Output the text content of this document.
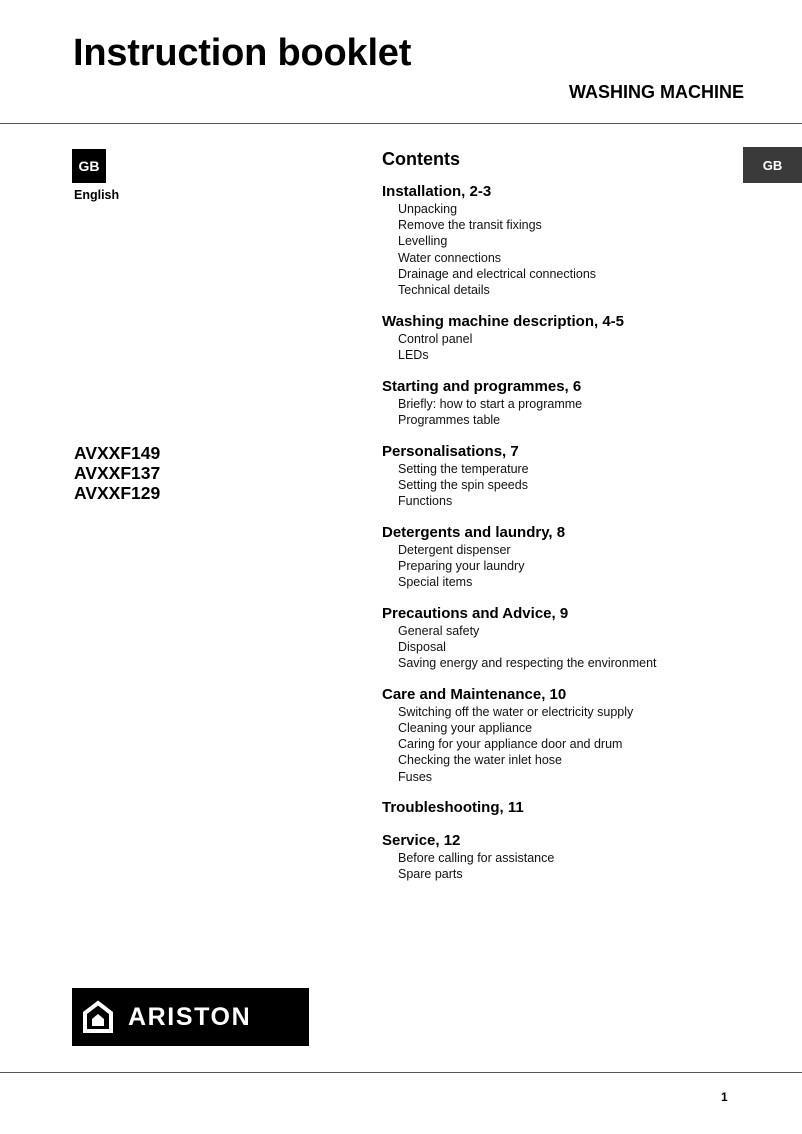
Instruction booklet
WASHING MACHINE
GB
English
GB
AVXXF149
AVXXF137
AVXXF129
Contents
Installation, 2-3
Unpacking
Remove the transit fixings
Levelling
Water connections
Drainage and electrical connections
Technical details
Washing machine description, 4-5
Control panel
LEDs
Starting and programmes, 6
Briefly: how to start a programme
Programmes table
Personalisations, 7
Setting the temperature
Setting the spin speeds
Functions
Detergents and laundry, 8
Detergent dispenser
Preparing your laundry
Special items
Precautions and Advice, 9
General safety
Disposal
Saving energy and respecting the environment
Care and Maintenance, 10
Switching off the water or electricity supply
Cleaning your appliance
Caring for your appliance door and drum
Checking the water inlet hose
Fuses
Troubleshooting, 11
Service, 12
Before calling for assistance
Spare parts
ARISTON
1
